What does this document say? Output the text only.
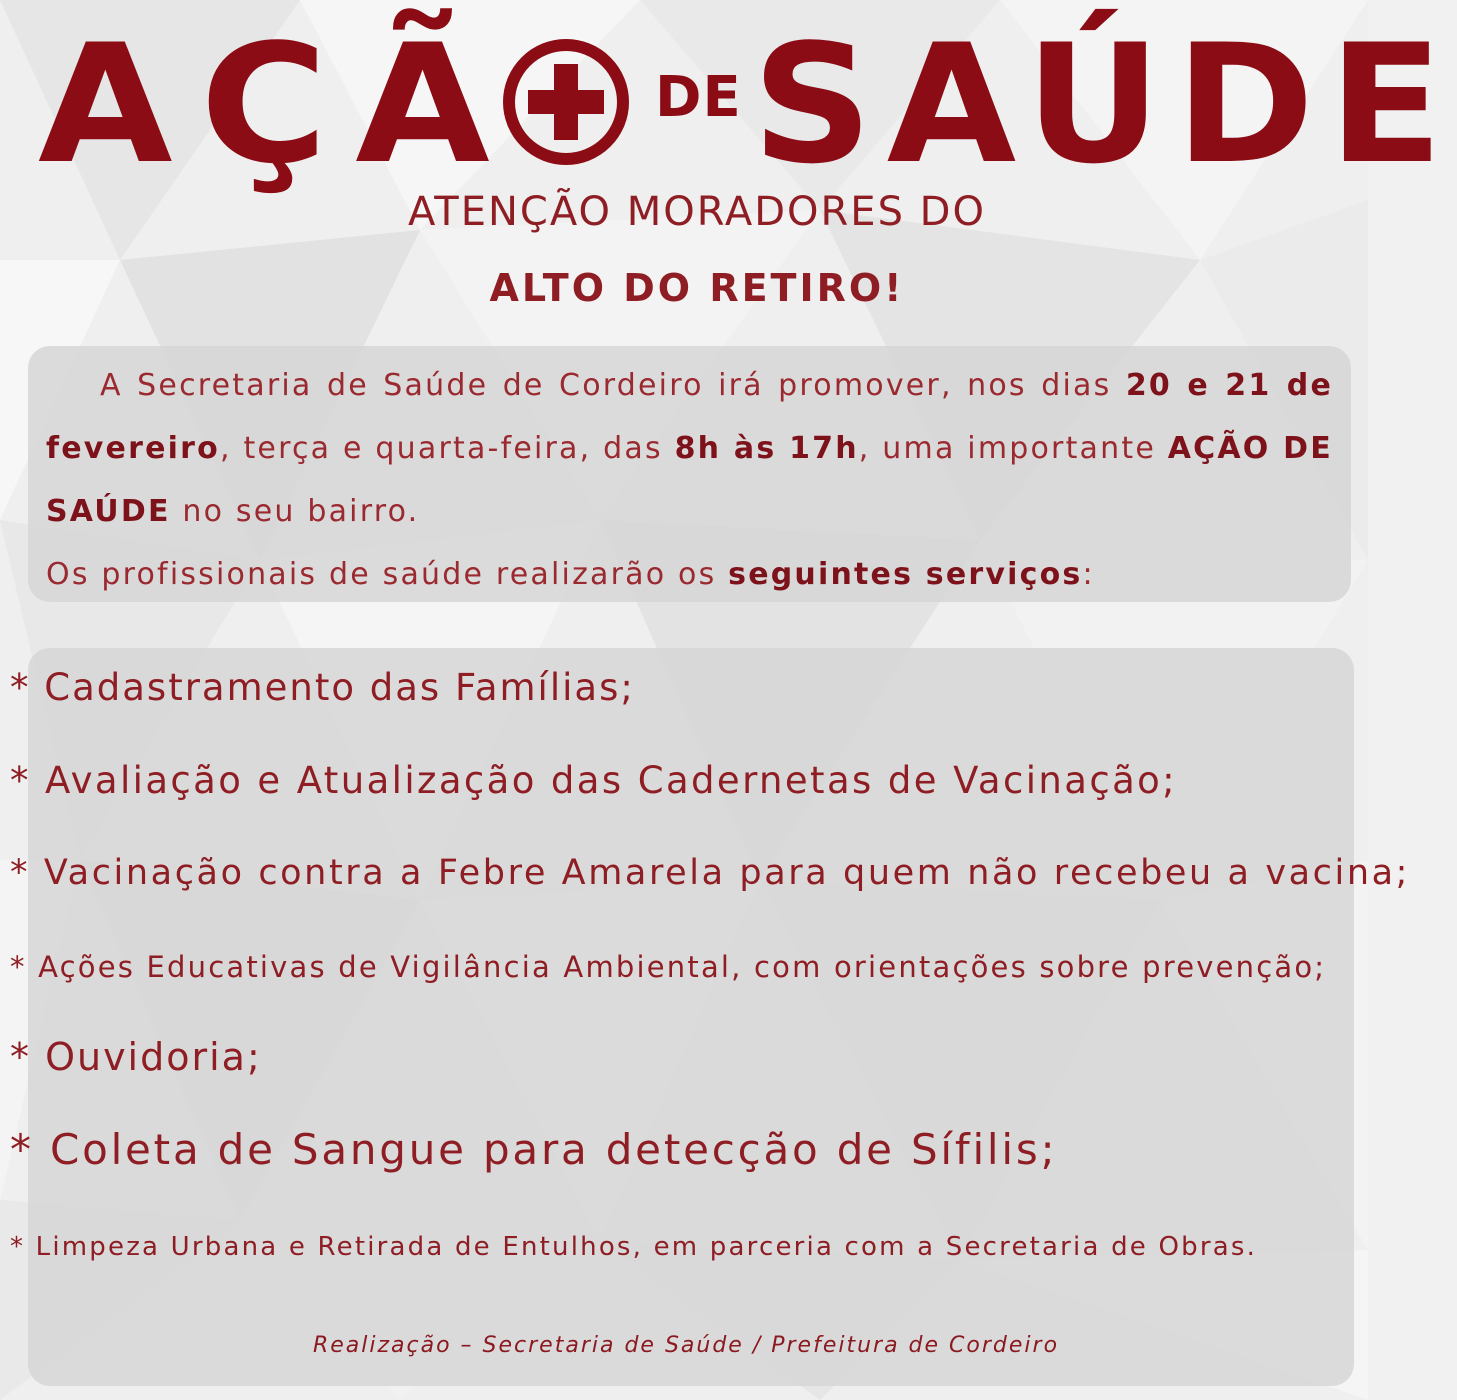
AÇÃ DE SAÚDE
ATENÇÃO MORADORES DO
ALTO DO RETIRO!

A Secretaria de Saúde de Cordeiro irá promover, nos dias 20 e 21 de fevereiro, terça e quarta-feira, das 8h às 17h, uma importante AÇÃO DE SAÚDE no seu bairro.

Os profissionais de saúde realizarão os seguintes serviços:

* Cadastramento das Famílias;
* Avaliação e Atualização das Cadernetas de Vacinação;
* Vacinação contra a Febre Amarela para quem não recebeu a vacina;
* Ações Educativas de Vigilância Ambiental, com orientações sobre prevenção;
* Ouvidoria;
* Coleta de Sangue para detecção de Sífilis;
* Limpeza Urbana e Retirada de Entulhos, em parceria com a Secretaria de Obras.
Realização – Secretaria de Saúde / Prefeitura de Cordeiro
